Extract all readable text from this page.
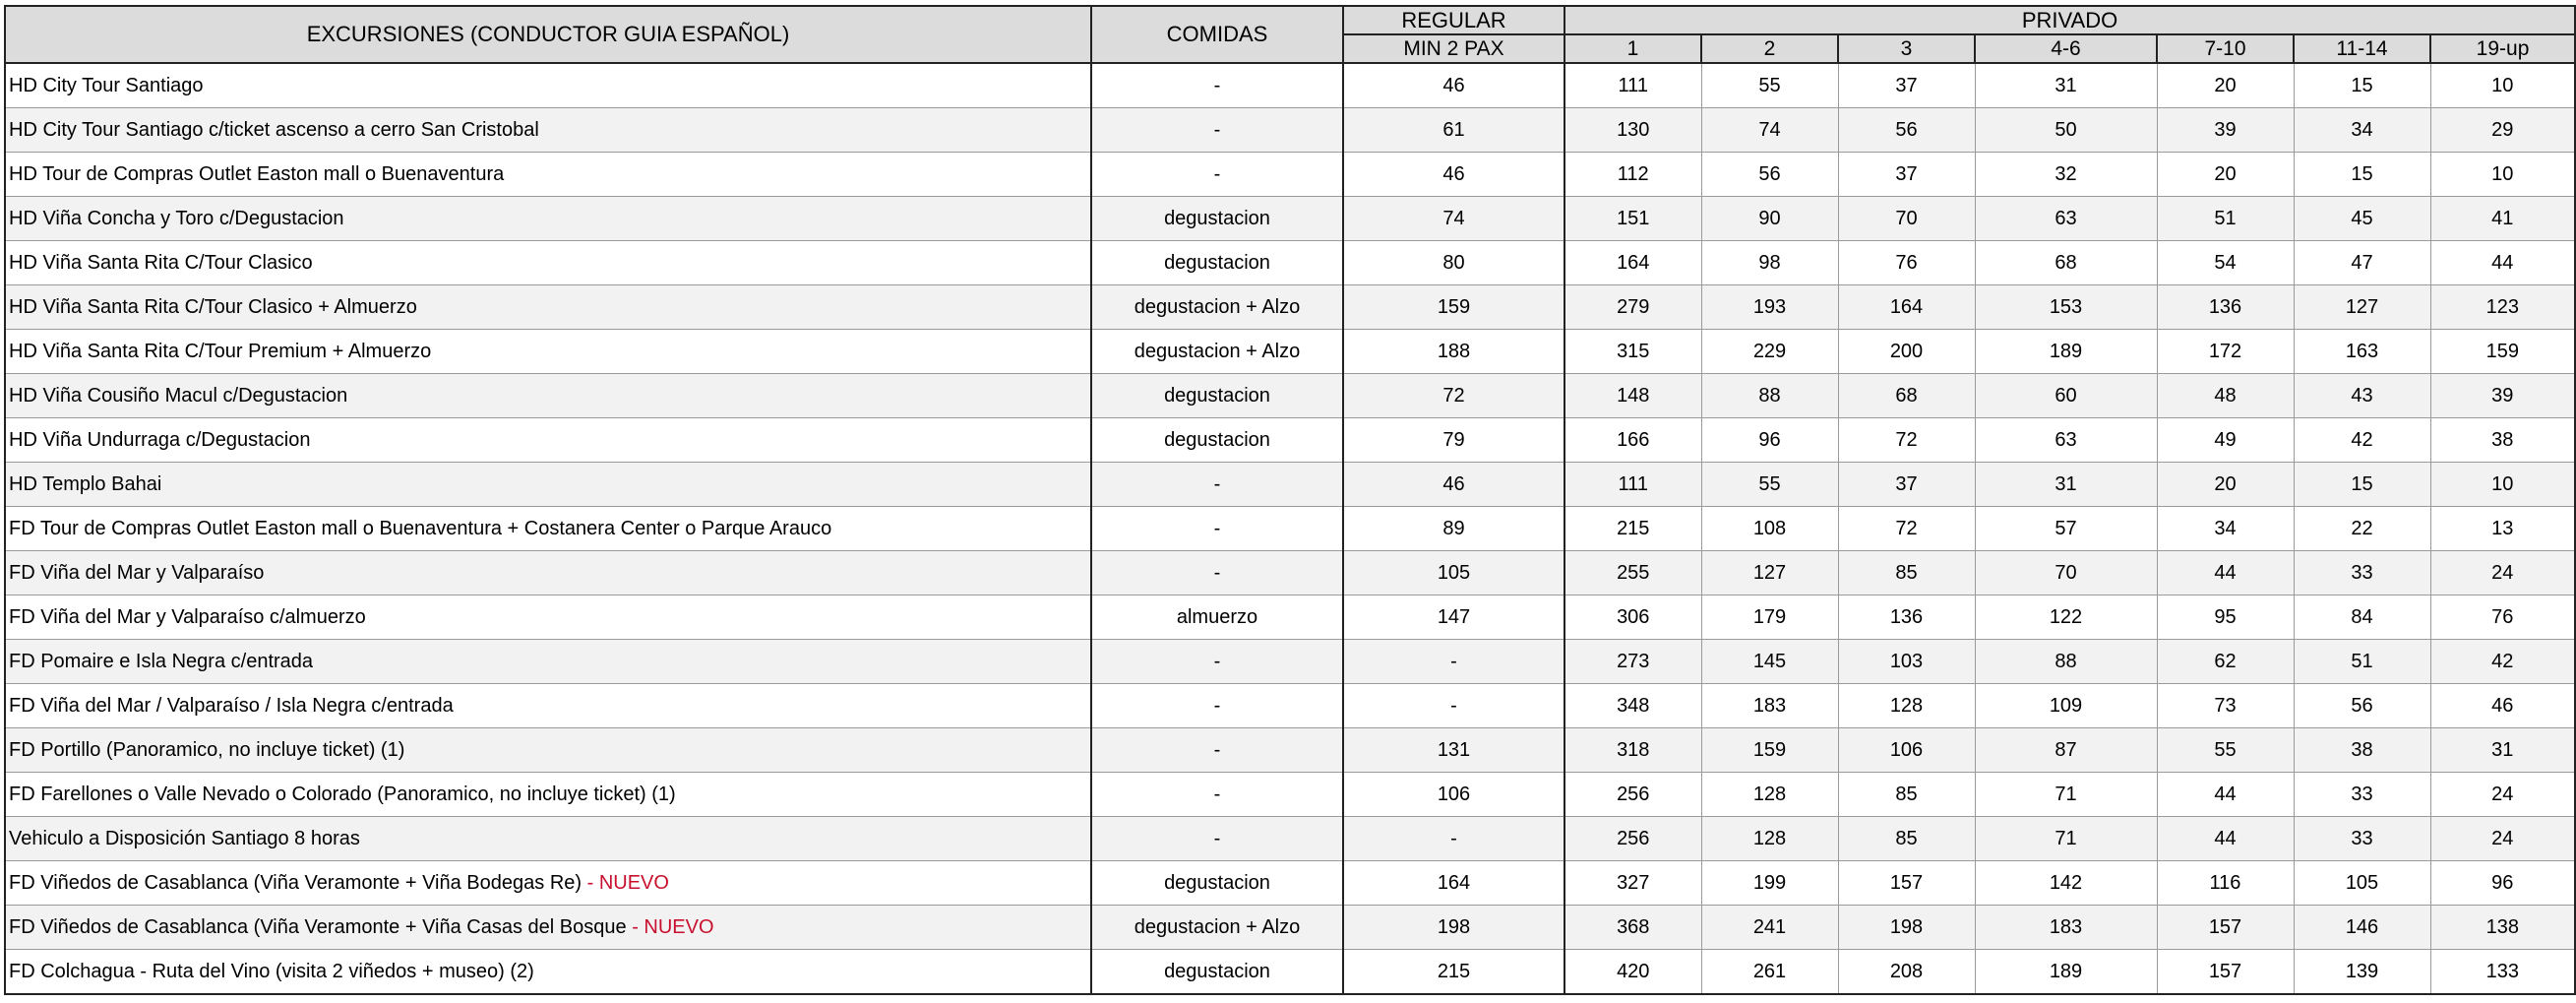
EXCURSIONES (CONDUCTOR GUIA ESPAÑOL)	COMIDAS	REGULAR	PRIVADO						
		MIN 2 PAX	1	2	3	4-6	7-10	11-14	19-up
HD City Tour Santiago	-	46	111	55	37	31	20	15	10
HD City Tour Santiago c/ticket ascenso a cerro San Cristobal	-	61	130	74	56	50	39	34	29
HD Tour de Compras Outlet Easton mall o Buenaventura	-	46	112	56	37	32	20	15	10
HD Viña Concha y Toro c/Degustacion	degustacion	74	151	90	70	63	51	45	41
HD Viña Santa Rita C/Tour Clasico	degustacion	80	164	98	76	68	54	47	44
HD Viña Santa Rita C/Tour Clasico + Almuerzo	degustacion + Alzo	159	279	193	164	153	136	127	123
HD Viña Santa Rita C/Tour Premium + Almuerzo	degustacion + Alzo	188	315	229	200	189	172	163	159
HD Viña Cousiño Macul c/Degustacion	degustacion	72	148	88	68	60	48	43	39
HD Viña Undurraga c/Degustacion	degustacion	79	166	96	72	63	49	42	38
HD Templo Bahai	-	46	111	55	37	31	20	15	10
FD Tour de Compras Outlet Easton mall o Buenaventura + Costanera Center o Parque Arauco	-	89	215	108	72	57	34	22	13
FD Viña del Mar y Valparaíso	-	105	255	127	85	70	44	33	24
FD Viña del Mar y Valparaíso c/almuerzo	almuerzo	147	306	179	136	122	95	84	76
FD Pomaire e Isla Negra c/entrada	-	-	273	145	103	88	62	51	42
FD Viña del Mar / Valparaíso / Isla Negra c/entrada	-	-	348	183	128	109	73	56	46
FD Portillo (Panoramico, no incluye ticket) (1)	-	131	318	159	106	87	55	38	31
FD Farellones o Valle Nevado o Colorado (Panoramico, no incluye ticket) (1)	-	106	256	128	85	71	44	33	24
Vehiculo a Disposición Santiago 8 horas	-	-	256	128	85	71	44	33	24
FD Viñedos de Casablanca (Viña Veramonte + Viña Bodegas Re) - NUEVO	degustacion	164	327	199	157	142	116	105	96
FD Viñedos de Casablanca (Viña Veramonte + Viña Casas del Bosque - NUEVO	degustacion + Alzo	198	368	241	198	183	157	146	138
FD Colchagua - Ruta del Vino (visita 2 viñedos + museo) (2)	degustacion	215	420	261	208	189	157	139	133
